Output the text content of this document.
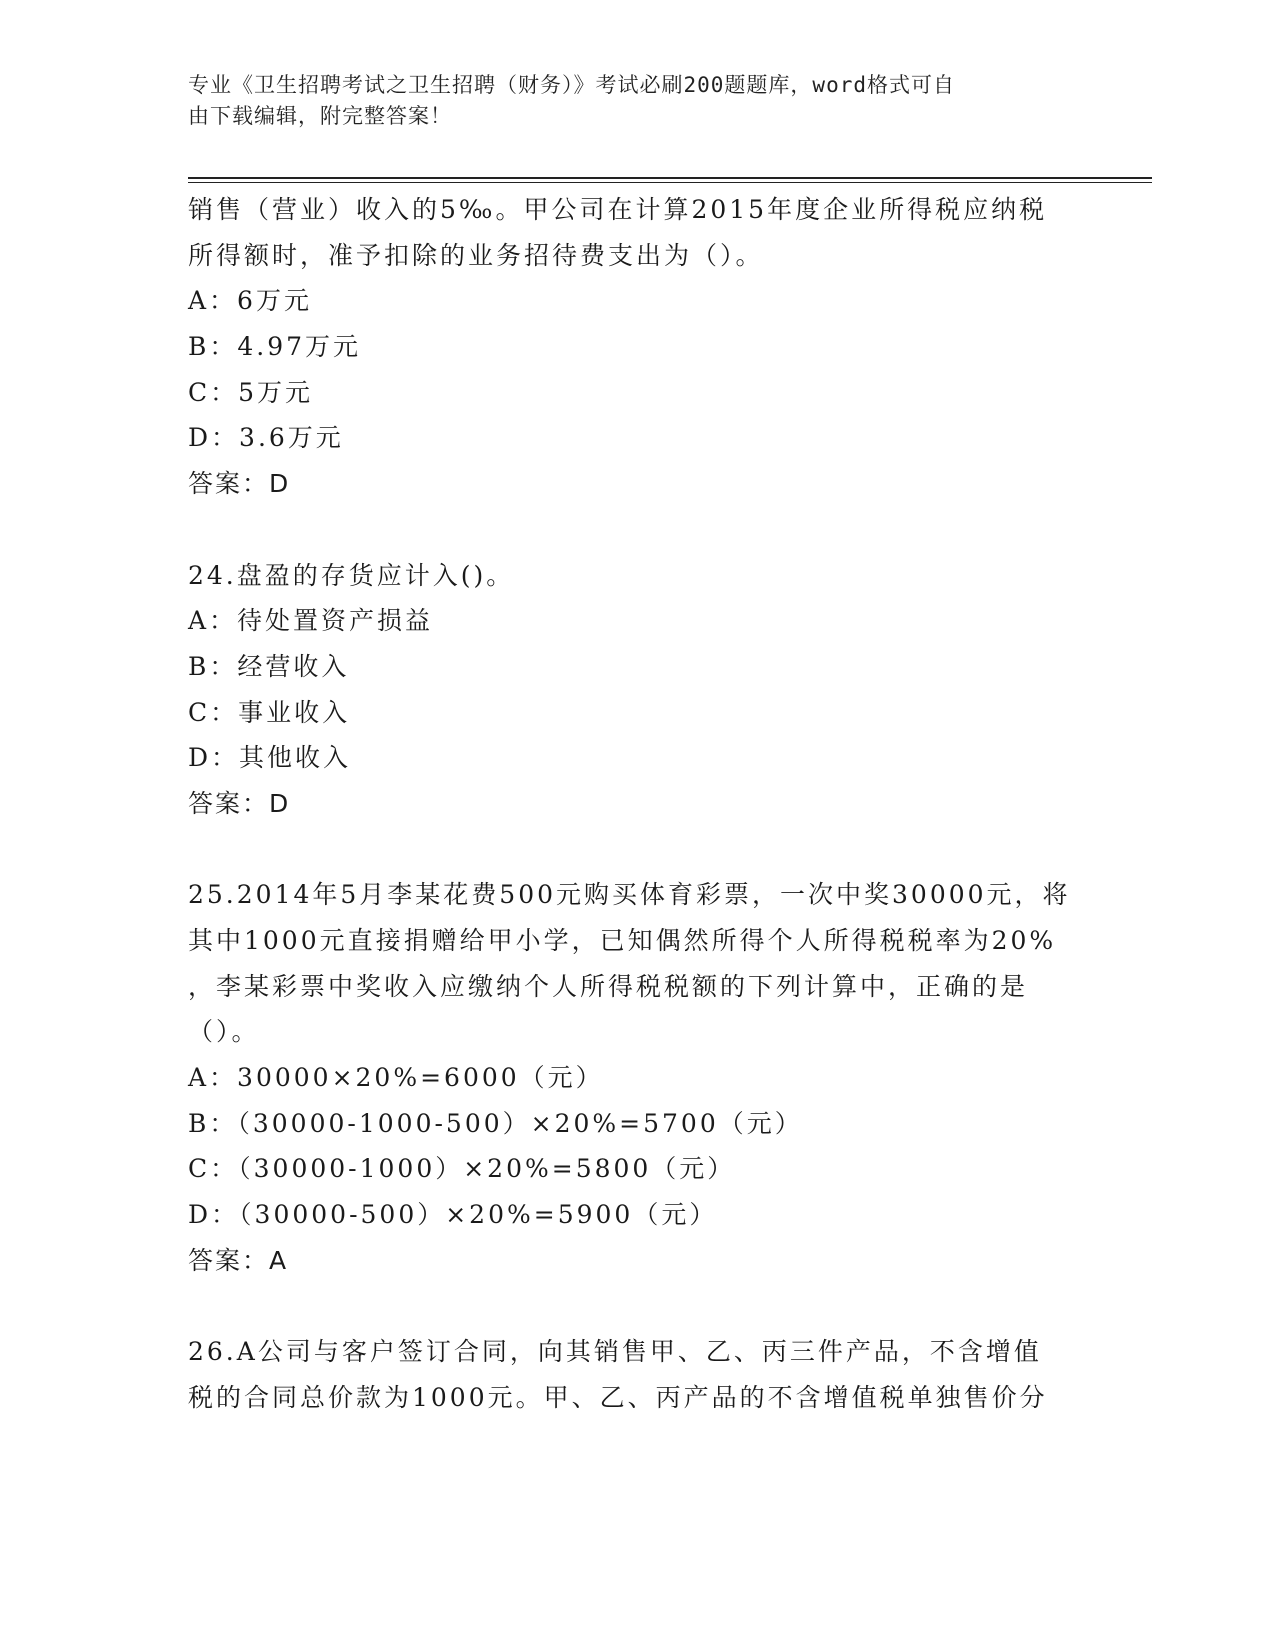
专业《卫生招聘考试之卫生招聘（财务）》考试必刷200题题库，word格式可自
由下载编辑，附完整答案！
销售（营业）收入的5‰。甲公司在计算2015年度企业所得税应纳税
所得额时，准予扣除的业务招待费支出为（）。
A：6万元
B：4.97万元
C：5万元
D：3.6万元
答案：D
24.盘盈的存货应计入()。
A：待处置资产损益
B：经营收入
C：事业收入
D：其他收入
答案：D
25.2014年5月李某花费500元购买体育彩票，一次中奖30000元，将
其中1000元直接捐赠给甲小学，已知偶然所得个人所得税税率为20%
，李某彩票中奖收入应缴纳个人所得税税额的下列计算中，正确的是
（）。
A：30000×20%=6000（元）
B：（30000-1000-500）×20%=5700（元）
C：（30000-1000）×20%=5800（元）
D：（30000-500）×20%=5900（元）
答案：A
26.A公司与客户签订合同，向其销售甲、乙、丙三件产品，不含增值
税的合同总价款为1000元。甲、乙、丙产品的不含增值税单独售价分
